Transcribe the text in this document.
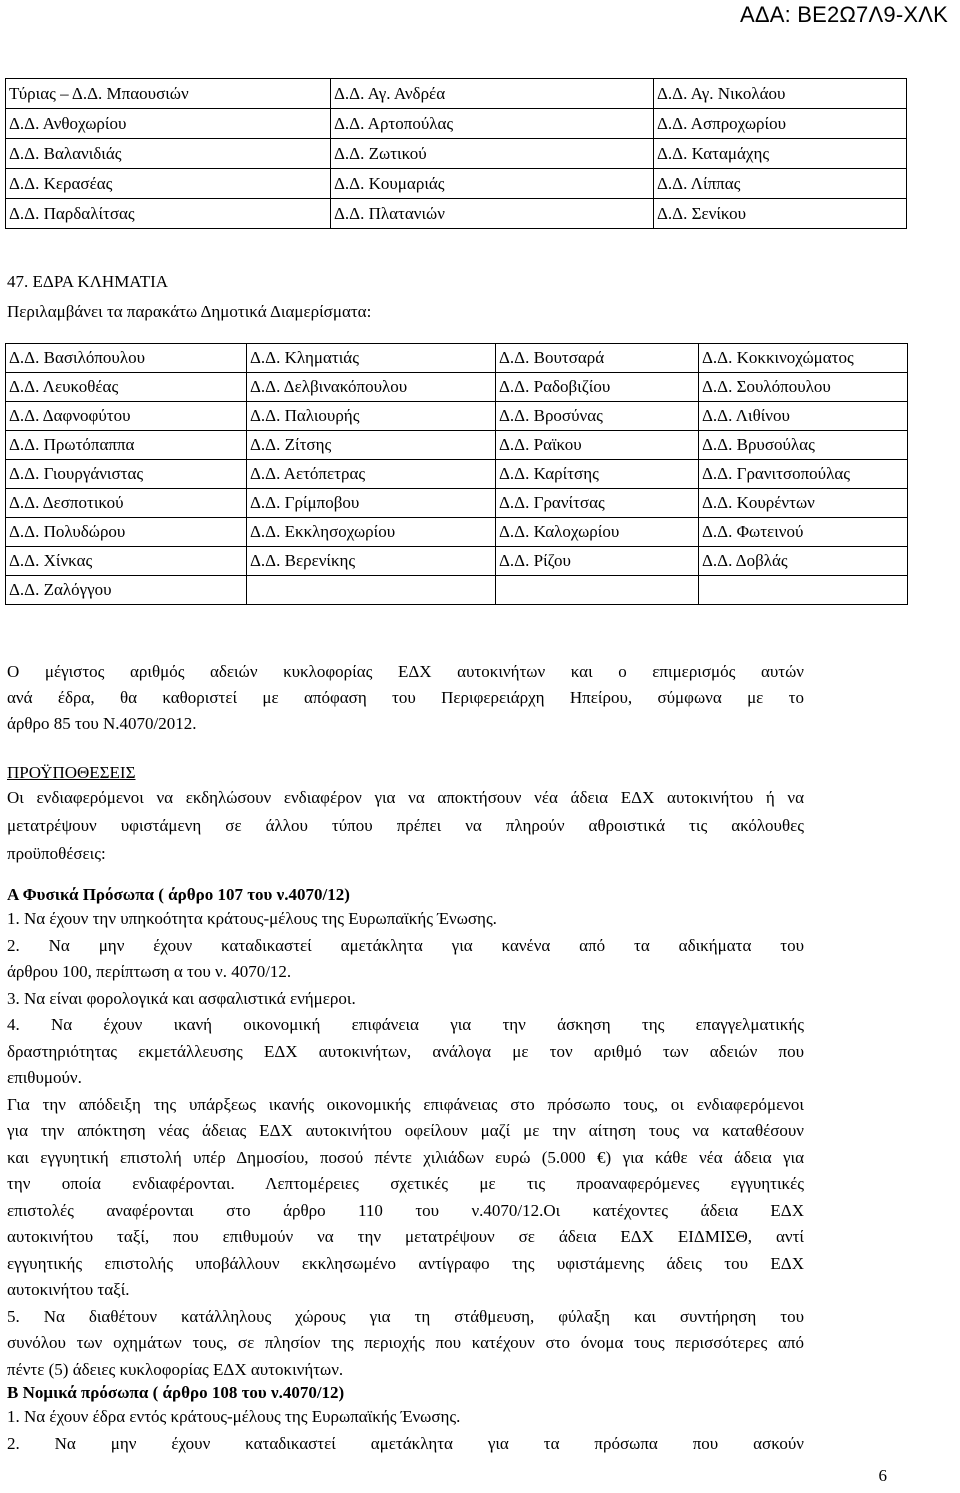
ΑΔΑ: ΒΕ2Ω7Λ9-ΧΛΚ
Τύριας – Δ.Δ. Μπαουσιών	Δ.Δ. Αγ. Ανδρέα	Δ.Δ. Αγ. Νικολάου
Δ.Δ. Ανθοχωρίου	Δ.Δ. Αρτοπούλας	Δ.Δ. Ασπροχωρίου
Δ.Δ. Βαλανιδιάς	Δ.Δ. Ζωτικού	Δ.Δ. Καταμάχης
Δ.Δ. Κερασέας	Δ.Δ. Κουμαριάς	Δ.Δ. Λίππας
Δ.Δ. Παρδαλίτσας	Δ.Δ. Πλατανιών	Δ.Δ. Σενίκου
47. ΕΔΡΑ ΚΛΗΜΑΤΙΑ
Περιλαμβάνει τα παρακάτω Δημοτικά Διαμερίσματα:
Δ.Δ. Βασιλόπουλου	Δ.Δ. Κληματιάς	Δ.Δ. Βουτσαρά	Δ.Δ. Κοκκινοχώματος
Δ.Δ. Λευκοθέας	Δ.Δ. Δελβινακόπουλου	Δ.Δ. Ραδοβιζίου	Δ.Δ. Σουλόπουλου
Δ.Δ. Δαφνοφύτου	Δ.Δ. Παλιουρής	Δ.Δ. Βροσύνας	Δ.Δ. Λιθίνου
Δ.Δ. Πρωτόπαππα	Δ.Δ. Ζίτσης	Δ.Δ. Ραϊκου	Δ.Δ. Βρυσούλας
Δ.Δ. Γιουργάνιστας	Δ.Δ. Αετόπετρας	Δ.Δ. Καρίτσης	Δ.Δ. Γρανιτσοπούλας
Δ.Δ. Δεσποτικού	Δ.Δ. Γρίμποβου	Δ.Δ. Γρανίτσας	Δ.Δ. Κουρέντων
Δ.Δ. Πολυδώρου	Δ.Δ. Εκκλησοχωρίου	Δ.Δ. Καλοχωρίου	Δ.Δ. Φωτεινού
Δ.Δ. Χίνκας	Δ.Δ. Βερενίκης	Δ.Δ. Ρίζου	Δ.Δ. Δοβλάς
Δ.Δ. Ζαλόγγου			
Ο μέγιστος αριθμός αδειών κυκλοφορίας ΕΔΧ αυτοκινήτων και ο επιμερισμός αυτών
ανά έδρα, θα καθοριστεί με απόφαση του Περιφερειάρχη Ηπείρου, σύμφωνα με το
άρθρο 85 του Ν.4070/2012.
ΠΡΟΫΠΟΘΕΣΕΙΣ
Οι ενδιαφερόμενοι να εκδηλώσουν ενδιαφέρον για να αποκτήσουν νέα άδεια ΕΔΧ αυτοκινήτου ή να
μετατρέψουν υφιστάμενη σε άλλου τύπου πρέπει να πληρούν αθροιστικά τις ακόλουθες
προϋποθέσεις:
Α Φυσικά Πρόσωπα ( άρθρο 107 του ν.4070/12)
1. Να έχουν την υπηκοότητα κράτους-μέλους της Ευρωπαϊκής Ένωσης.
2. Να μην έχουν καταδικαστεί αμετάκλητα για κανένα από τα αδικήματα του
άρθρου 100, περίπτωση α του ν. 4070/12.
3. Να είναι φορολογικά και ασφαλιστικά ενήμεροι.
4. Να έχουν ικανή οικονομική επιφάνεια για την άσκηση της επαγγελματικής
δραστηριότητας εκμετάλλευσης ΕΔΧ αυτοκινήτων, ανάλογα με τον αριθμό των αδειών που
επιθυμούν.
Για την απόδειξη της υπάρξεως ικανής οικονομικής επιφάνειας στο πρόσωπο τους, οι ενδιαφερόμενοι
για την απόκτηση νέας άδειας ΕΔΧ αυτοκινήτου οφείλουν μαζί με την αίτηση τους να καταθέσουν
και εγγυητική επιστολή υπέρ Δημοσίου, ποσού πέντε χιλιάδων ευρώ (5.000 €) για κάθε νέα άδεια για
την οποία ενδιαφέρονται. Λεπτομέρειες σχετικές με τις προαναφερόμενες εγγυητικές
επιστολές αναφέρονται στο άρθρο 110 του ν.4070/12.Οι κατέχοντες άδεια ΕΔΧ
αυτοκινήτου ταξί, που επιθυμούν να την μετατρέψουν σε άδεια ΕΔΧ ΕΙΔΜΙΣΘ, αντί
εγγυητικής επιστολής υποβάλλουν εκκλησωμένο αντίγραφο της υφιστάμενης άδεις του ΕΔΧ
αυτοκινήτου ταξί.
5. Να διαθέτουν κατάλληλους χώρους για τη στάθμευση, φύλαξη και συντήρηση του
συνόλου των οχημάτων τους, σε πλησίον της περιοχής που κατέχουν στο όνομα τους περισσότερες από
πέντε (5) άδειες κυκλοφορίας ΕΔΧ αυτοκινήτων.
Β Νομικά πρόσωπα ( άρθρο 108 του ν.4070/12)
1. Να έχουν έδρα εντός κράτους-μέλους της Ευρωπαϊκής Ένωσης.
2. Να μην έχουν καταδικαστεί αμετάκλητα για τα πρόσωπα που ασκούν
6
